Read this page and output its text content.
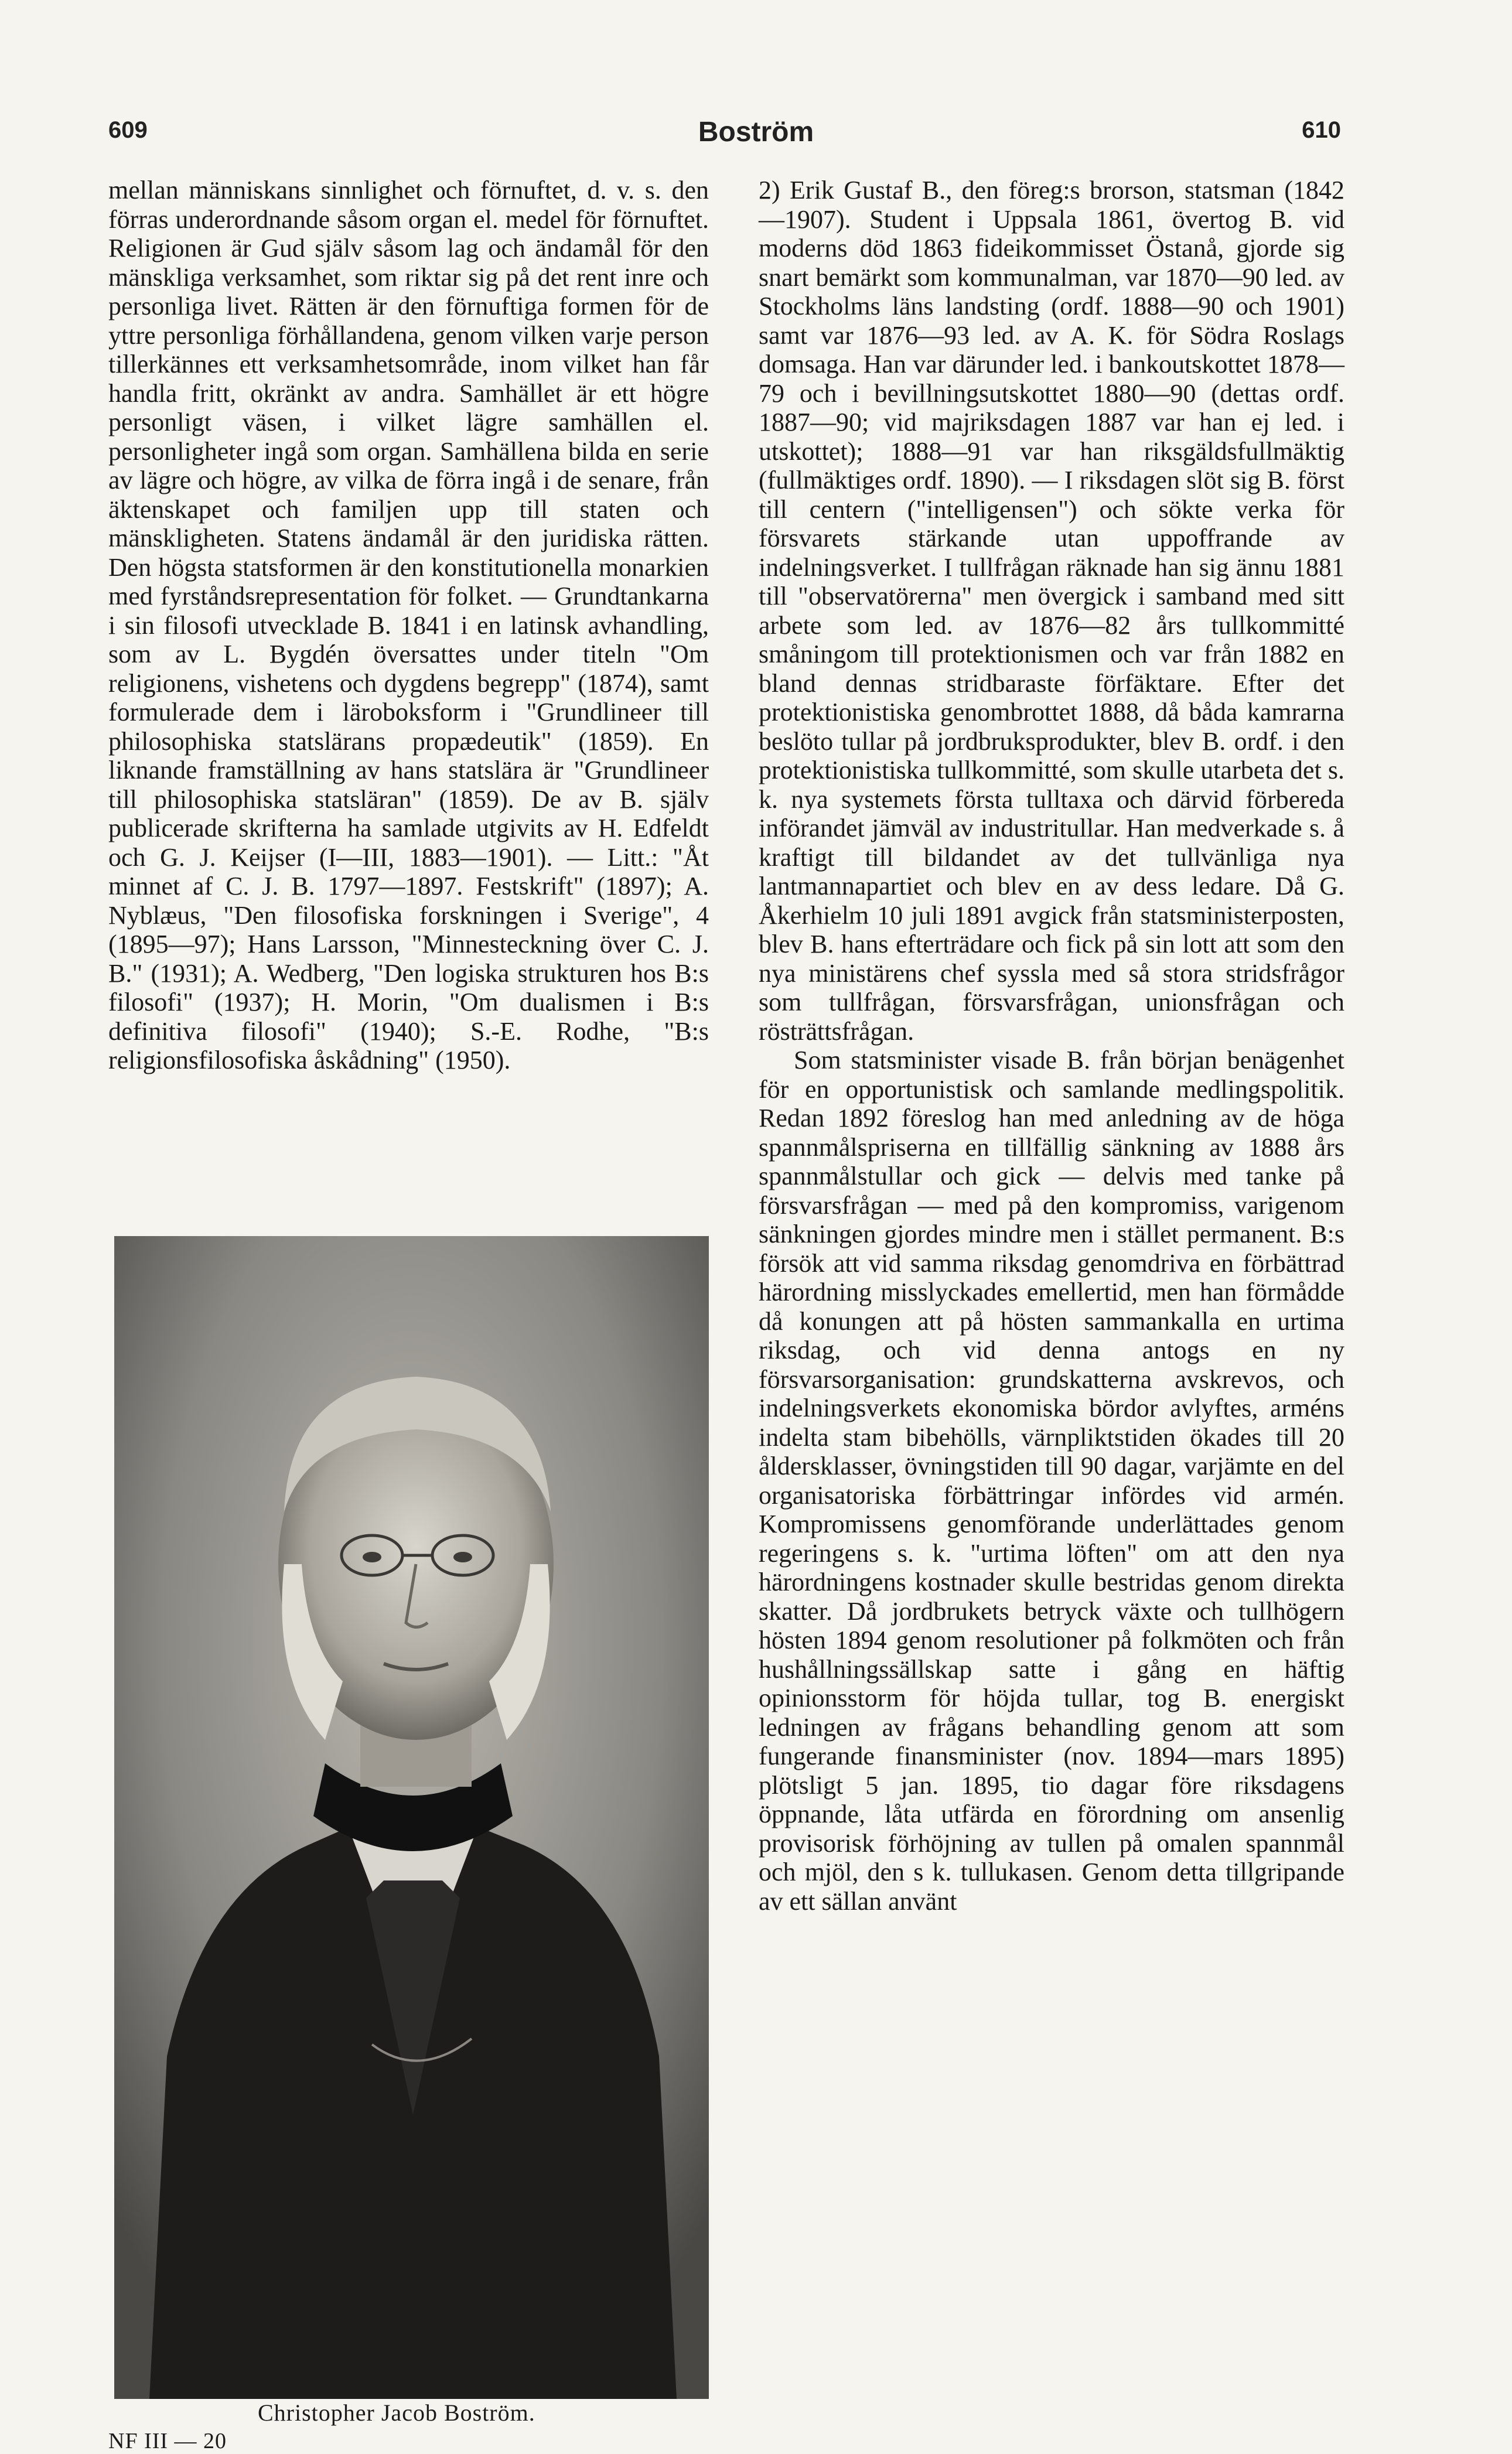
609	Boström	610

mellan människans sinnlighet och förnuftet, d. v. s. den förras underordnande såsom organ el. medel för förnuftet. Religionen är Gud själv såsom lag och ändamål för den mänskliga verksamhet, som riktar sig på det rent inre och personliga livet. Rätten är den förnuftiga formen för de yttre personliga förhållandena, genom vilken varje person tillerkännes ett verksamhetsområde, inom vilket han får handla fritt, okränkt av andra. Samhället är ett högre personligt väsen, i vilket lägre samhällen el. personligheter ingå som organ. Samhällena bilda en serie av lägre och högre, av vilka de förra ingå i de senare, från äktenskapet och familjen upp till staten och mänskligheten. Statens ändamål är den juridiska rätten. Den högsta statsformen är den konstitutionella monarkien med fyrståndsrepresentation för folket. — Grundtankarna i sin filosofi utvecklade B. 1841 i en latinsk avhandling, som av L. Bygdén översattes under titeln "Om religionens, vishetens och dygdens begrepp" (1874), samt formulerade dem i läroboksform i "Grundlineer till philosophiska statslärans propædeutik" (1859). En liknande framställning av hans statslära är "Grundlineer till philosophiska statsläran" (1859). De av B. själv publicerade skrifterna ha samlade utgivits av H. Edfeldt och G. J. Keijser (I—III, 1883—1901). — Litt.: "Åt minnet af C. J. B. 1797—1897. Festskrift" (1897); A. Nyblæus, "Den filosofiska forskningen i Sverige", 4 (1895—97); Hans Larsson, "Minnesteckning över C. J. B." (1931); A. Wedberg, "Den logiska strukturen hos B:s filosofi" (1937); H. Morin, "Om dualismen i B:s definitiva filosofi" (1940); S.-E. Rodhe, "B:s religionsfilosofiska åskådning" (1950).

2) Erik Gustaf B., den föreg:s brorson, statsman (1842—1907). Student i Uppsala 1861, övertog B. vid moderns död 1863 fideikommisset Östanå, gjorde sig snart bemärkt som kommunalman, var 1870—90 led. av Stockholms läns landsting (ordf. 1888—90 och 1901) samt var 1876—93 led. av A. K. för Södra Roslags domsaga. Han var därunder led. i bankoutskottet 1878—79 och i bevillningsutskottet 1880—90 (dettas ordf. 1887—90; vid majriksdagen 1887 var han ej led. i utskottet); 1888—91 var han riksgäldsfullmäktig (fullmäktiges ordf. 1890). — I riksdagen slöt sig B. först till centern ("intelligensen") och sökte verka för försvarets stärkande utan uppoffrande av indelningsverket. I tullfrågan räknade han sig ännu 1881 till "observatörerna" men övergick i samband med sitt arbete som led. av 1876—82 års tullkommitté småningom till protektionismen och var från 1882 en bland dennas stridbaraste förfäktare. Efter det protektionistiska genombrottet 1888, då båda kamrarna beslöto tullar på jordbruksprodukter, blev B. ordf. i den protektionistiska tullkommitté, som skulle utarbeta det s. k. nya systemets första tulltaxa och därvid förbereda införandet jämväl av industritullar. Han medverkade s. å kraftigt till bildandet av det tullvänliga nya lantmannapartiet och blev en av dess ledare. Då G. Åkerhielm 10 juli 1891 avgick från statsministerposten, blev B. hans efterträdare och fick på sin lott att som den nya ministärens chef syssla med så stora stridsfrågor som tullfrågan, försvarsfrågan, unionsfrågan och rösträttsfrågan.

Som statsminister visade B. från början benägenhet för en opportunistisk och samlande medlingspolitik. Redan 1892 föreslog han med anledning av de höga spannmålspriserna en tillfällig sänkning av 1888 års spannmålstullar och gick — delvis med tanke på försvarsfrågan — med på den kompromiss, varigenom sänkningen gjordes mindre men i stället permanent. B:s försök att vid samma riksdag genomdriva en förbättrad härordning misslyckades emellertid, men han förmådde då konungen att på hösten sammankalla en urtima riksdag, och vid denna antogs en ny försvarsorganisation: grundskatterna avskrevos, och indelningsverkets ekonomiska bördor avlyftes, arméns indelta stam bibehölls, värnpliktstiden ökades till 20 åldersklasser, övningstiden till 90 dagar, varjämte en del organisatoriska förbättringar infördes vid armén. Kompromissens genomförande underlättades genom regeringens s. k. "urtima löften" om att den nya härordningens kostnader skulle bestridas genom direkta skatter. Då jordbrukets betryck växte och tullhögern hösten 1894 genom resolutioner på folkmöten och från hushållningssällskap satte i gång en häftig opinionsstorm för höjda tullar, tog B. energiskt ledningen av frågans behandling genom att som fungerande finansminister (nov. 1894—mars 1895) plötsligt 5 jan. 1895, tio dagar före riksdagens öppnande, låta utfärda en förordning om ansenlig provisorisk förhöjning av tullen på omalen spannmål och mjöl, den s k. tullukasen. Genom detta tillgripande av ett sällan använt

Christopher Jacob Boström.
NF III — 20
